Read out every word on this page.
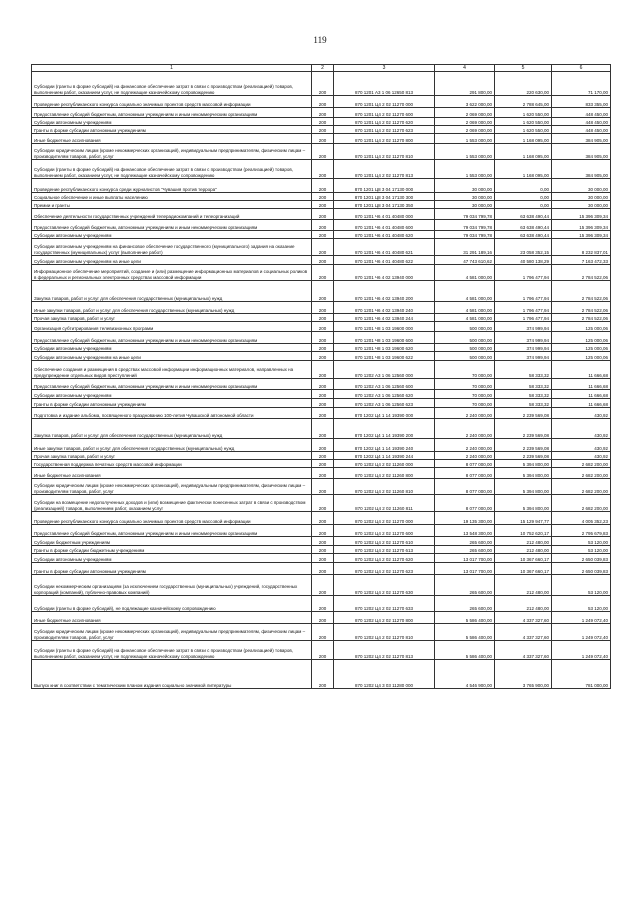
119
1	2	3	4	5	6
Субсидии (гранты в форме субсидий) на финансовое обеспечение затрат в связи с производством (реализацией) товаров, выполнением работ, оказанием услуг, не подлежащие казначейскому сопровождению	200	870 1201 А3 1 06 12650 813	291 800,00	220 630,00	71 170,00
Проведение республиканского конкурса социально значимых проектов средств массовой информации	200	870 1201 Ц4 2 02 11270 000	3 622 000,00	2 788 645,00	833 355,00
Предоставление субсидий бюджетным, автономным учреждениям и иным некоммерческим организациям	200	870 1201 Ц4 2 02 11270 600	2 069 000,00	1 620 550,00	448 450,00
Субсидии автономным учреждениям	200	870 1201 Ц4 2 02 11270 620	2 069 000,00	1 620 550,00	448 450,00
Гранты в форме субсидии автономным учреждениям	200	870 1201 Ц4 2 02 11270 623	2 069 000,00	1 620 550,00	448 450,00
Иные бюджетные ассигнования	200	870 1201 Ц4 2 02 11270 800	1 553 000,00	1 168 095,00	384 905,00
Субсидии юридическим лицам (кроме некоммерческих организаций), индивидуальным предпринимателям, физическим лицам – производителям товаров, работ, услуг	200	870 1201 Ц4 2 02 11270 810	1 553 000,00	1 168 095,00	384 905,00
Субсидии (гранты в форме субсидий) на финансовое обеспечение затрат в связи с производством (реализацией) товаров, выполнением работ, оказанием услуг, не подлежащие казначейскому сопровождению	200	870 1201 Ц4 2 02 11270 813	1 553 000,00	1 168 095,00	384 905,00
Проведение республиканского конкурса среди журналистов "Чувашия против террора"	200	870 1201 Ц8 3 04 17130 000	30 000,00	0,00	30 000,00
Социальное обеспечение и иные выплаты населению	200	870 1201 Ц8 3 04 17130 300	30 000,00	0,00	30 000,00
Премии и гранты	200	870 1201 Ц8 3 04 17130 350	30 000,00	0,00	30 000,00
Обеспечение деятельности государственных учреждений телерадиокомпаний и телеорганизаций	200	870 1201 Ч6 4 01 40480 000	79 034 799,78	63 638 490,44	15 396 309,34
Предоставление субсидий бюджетным, автономным учреждениям и иным некоммерческим организациям	200	870 1201 Ч6 4 01 40480 600	79 034 799,78	63 638 490,44	15 396 309,34
Субсидии автономным учреждениям	200	870 1201 Ч6 4 01 40480 620	79 034 799,78	63 638 490,44	15 396 309,34
Субсидии автономным учреждениям на финансовое обеспечение государственного (муниципального) задания на оказание государственных (муниципальных) услуг (выполнение работ)	200	870 1201 Ч6 4 01 40480 621	31 291 189,16	23 058 352,15	8 232 837,01
Субсидии автономным учреждениям на иные цели	200	870 1201 Ч6 4 01 40480 622	47 743 610,62	40 580 138,29	7 163 472,33
Информационное обеспечение мероприятий, создание и (или) размещение информационных материалов и социальных роликов в федеральных и региональных электронных средствах массовой информации	200	870 1201 Ч6 4 02 13940 000	4 581 000,00	1 796 477,94	2 784 522,06
Закупка товаров, работ и услуг для обеспечения государственных (муниципальных) нужд	200	870 1201 Ч6 4 02 13940 200	4 581 000,00	1 796 477,94	2 784 522,06
Иные закупки товаров, работ и услуг для обеспечения государственных (муниципальных) нужд	200	870 1201 Ч6 4 02 13940 240	4 581 000,00	1 796 477,94	2 784 522,06
Прочая закупка товаров, работ и услуг	200	870 1201 Ч6 4 02 13940 244	4 581 000,00	1 796 477,94	2 784 522,06
Организация субтитрирования телевизионных программ	200	870 1201 Ч8 1 03 19600 000	500 000,00	374 999,94	125 000,06
Предоставление субсидий бюджетным, автономным учреждениям и иным некоммерческим организациям	200	870 1201 Ч8 1 03 19600 600	500 000,00	374 999,94	125 000,06
Субсидии автономным учреждениям	200	870 1201 Ч8 1 03 19600 620	500 000,00	374 999,94	125 000,06
Субсидии автономным учреждениям на иные цели	200	870 1201 Ч8 1 03 19600 622	500 000,00	374 999,94	125 000,06
Обеспечение создания и размещения в средствах массовой информации информационных материалов, направленных на предупреждение отдельных видов преступлений	200	870 1202 А3 1 06 12560 000	70 000,00	58 333,32	11 666,68
Предоставление субсидий бюджетным, автономным учреждениям и иным некоммерческим организациям	200	870 1202 А3 1 06 12560 600	70 000,00	58 333,32	11 666,68
Субсидии автономным учреждениям	200	870 1202 А3 1 06 12560 620	70 000,00	58 333,32	11 666,68
Гранты в форме субсидии автономным учреждениям	200	870 1202 А3 1 06 12560 623	70 000,00	58 333,32	11 666,68
Подготовка и издание альбома, посвященного празднованию 100-летия Чувашской автономной области	200	870 1202 Ц4 1 14 19390 000	2 240 000,00	2 239 569,08	430,92
Закупка товаров, работ и услуг для обеспечения государственных (муниципальных) нужд	200	870 1202 Ц4 1 14 19390 200	2 240 000,00	2 239 569,08	430,92
Иные закупки товаров, работ и услуг для обеспечения государственных (муниципальных) нужд	200	870 1202 Ц4 1 14 19390 240	2 240 000,00	2 239 569,08	430,92
Прочая закупка товаров, работ и услуг	200	870 1202 Ц4 1 14 19390 244	2 240 000,00	2 239 569,08	430,92
Государственная поддержка печатных средств массовой информации	200	870 1202 Ц4 2 02 11260 000	8 077 000,00	5 394 800,00	2 682 200,00
Иные бюджетные ассигнования	200	870 1202 Ц4 2 02 11260 800	8 077 000,00	5 394 800,00	2 682 200,00
Субсидии юридическим лицам (кроме некоммерческих организаций), индивидуальным предпринимателям, физическим лицам – производителям товаров, работ, услуг	200	870 1202 Ц4 2 02 11260 810	8 077 000,00	5 394 800,00	2 682 200,00
Субсидии на возмещение недополученных доходов и (или) возмещение фактически понесенных затрат в связи с производством (реализацией) товаров, выполнением работ, оказанием услуг	200	870 1202 Ц4 2 02 11260 811	8 077 000,00	5 394 800,00	2 682 200,00
Проведение республиканского конкурса социально значимых проектов средств массовой информации	200	870 1202 Ц4 2 02 11270 000	19 135 300,00	15 129 947,77	4 005 352,23
Предоставление субсидий бюджетным, автономным учреждениям и иным некоммерческим организациям	200	870 1202 Ц4 2 02 11270 600	13 548 300,00	10 752 620,17	2 795 679,83
Субсидии бюджетным учреждениям	200	870 1202 Ц4 2 02 11270 610	265 600,00	212 480,00	53 120,00
Гранты в форме субсидии бюджетным учреждениям	200	870 1202 Ц4 2 02 11270 613	265 600,00	212 480,00	53 120,00
Субсидии автономным учреждениям	200	870 1202 Ц4 2 02 11270 620	13 017 700,00	10 367 660,17	2 650 039,83
Гранты в форме субсидии автономным учреждениям	200	870 1202 Ц4 2 02 11270 623	13 017 700,00	10 367 660,17	2 650 039,83
Субсидии некоммерческим организациям (за исключением государственных (муниципальных) учреждений, государственных корпораций (компаний), публично-правовых компаний)	200	870 1202 Ц4 2 02 11270 630	265 600,00	212 480,00	53 120,00
Субсидии (гранты в форме субсидий), не подлежащие казначейскому сопровождению	200	870 1202 Ц4 2 02 11270 633	265 600,00	212 480,00	53 120,00
Иные бюджетные ассигнования	200	870 1202 Ц4 2 02 11270 800	5 586 400,00	4 337 327,60	1 249 072,40
Субсидии юридическим лицам (кроме некоммерческих организаций), индивидуальным предпринимателям, физическим лицам – производителям товаров, работ, услуг	200	870 1202 Ц4 2 02 11270 810	5 586 400,00	4 337 327,60	1 249 072,40
Субсидии (гранты в форме субсидий) на финансовое обеспечение затрат в связи с производством (реализацией) товаров, выполнением работ, оказанием услуг, не подлежащие казначейскому сопровождению	200	870 1202 Ц4 2 02 11270 813	5 586 400,00	4 337 327,60	1 249 072,40
Выпуск книг в соответствии с тематическим планом издания социально значимой литературы	200	870 1202 Ц4 3 03 11280 000	4 546 900,00	3 765 900,00	781 000,00
